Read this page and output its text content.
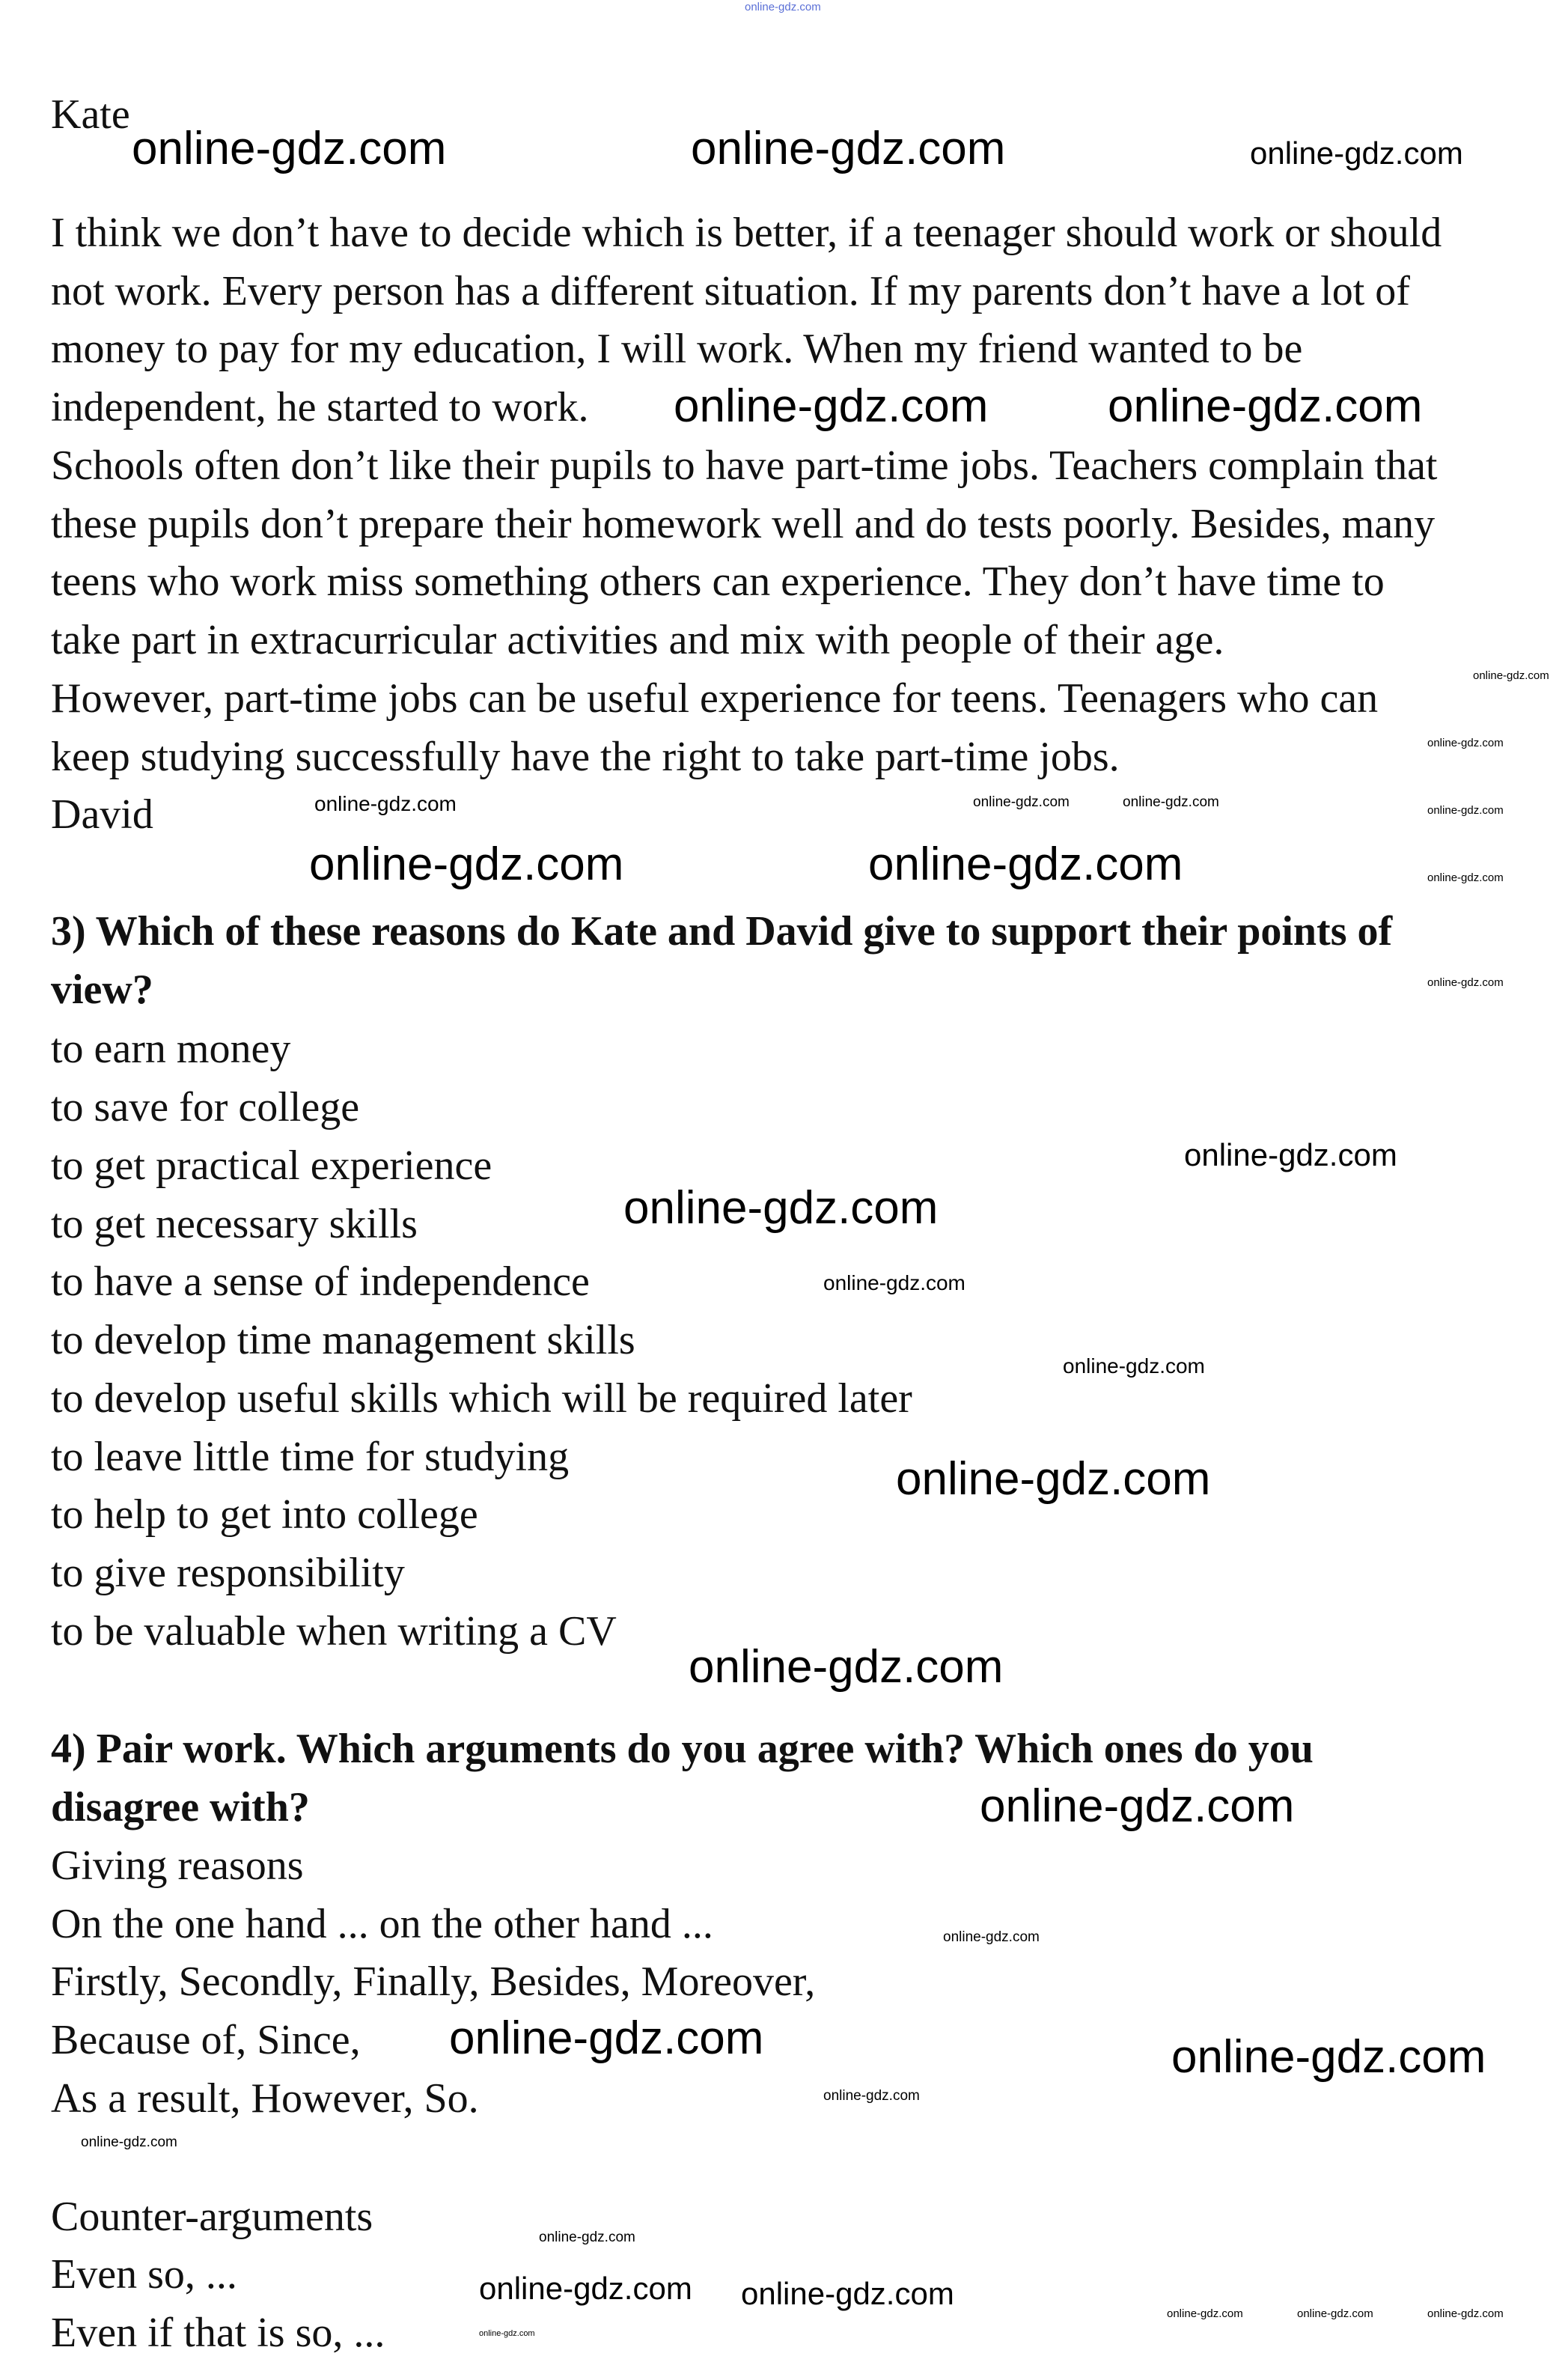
online-gdz.com
Kate
I think we don’t have to decide which is better, if a teenager should work or should
not work. Every person has a different situation. If my parents don’t have a lot of
money to pay for my education, I will work. When my friend wanted to be
independent, he started to work.
Schools often don’t like their pupils to have part-time jobs. Teachers complain that
these pupils don’t prepare their homework well and do tests poorly. Besides, many
teens who work miss something others can experience. They don’t have time to
take part in extracurricular activities and mix with people of their age.
However, part-time jobs can be useful experience for teens. Teenagers who can
keep studying successfully have the right to take part-time jobs.
David
3) Which of these reasons do Kate and David give to support their points of
view?
to earn money
to save for college
to get practical experience
to get necessary skills
to have a sense of independence
to develop time management skills
to develop useful skills which will be required later
to leave little time for studying
to help to get into college
to give responsibility
to be valuable when writing a CV
4) Pair work. Which arguments do you agree with? Which ones do you
disagree with?
Giving reasons
On the one hand ... on the other hand ...
Firstly, Secondly, Finally, Besides, Moreover,
Because of, Since,
As a result, However, So.
Counter-arguments
Even so, ...
Even if that is so, ...
online-gdz.com	online-gdz.com	online-gdz.com
online-gdz.com	online-gdz.com
online-gdz.com	online-gdz.com
online-gdz.com
online-gdz.com
online-gdz.com
online-gdz.com
online-gdz.com
online-gdz.com
online-gdz.com	online-gdz.com
online-gdz.com
online-gdz.com
online-gdz.com
online-gdz.com
online-gdz.com
online-gdz.com
online-gdz.com
online-gdz.com
online-gdz.com
online-gdz.com
online-gdz.com
online-gdz.com
online-gdz.com
online-gdz.com online-gdz.com
online-gdz.com
online-gdz.com	online-gdz.com	online-gdz.com
